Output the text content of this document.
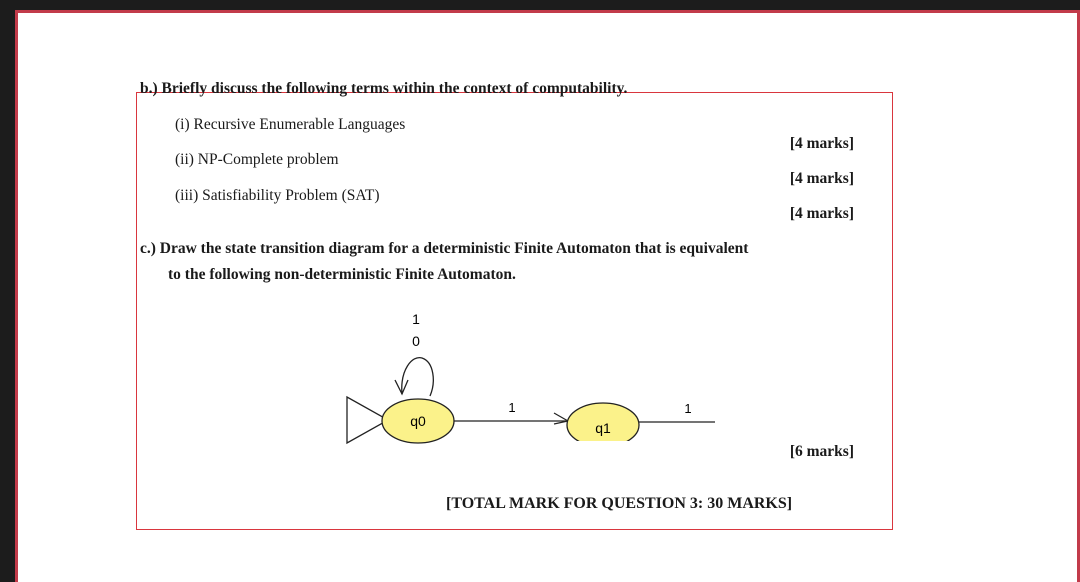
b.) Briefly discuss the following terms within the context of computability.
(i) Recursive Enumerable Languages
[4 marks]
(ii) NP-Complete problem
[4 marks]
(iii) Satisfiability Problem (SAT)
[4 marks]
c.) Draw the state transition diagram for a deterministic Finite Automaton that is equivalent
to the following non-deterministic Finite Automaton.
1
0
q0
1
q1
1
[6 marks]
[TOTAL MARK FOR QUESTION 3: 30 MARKS]
